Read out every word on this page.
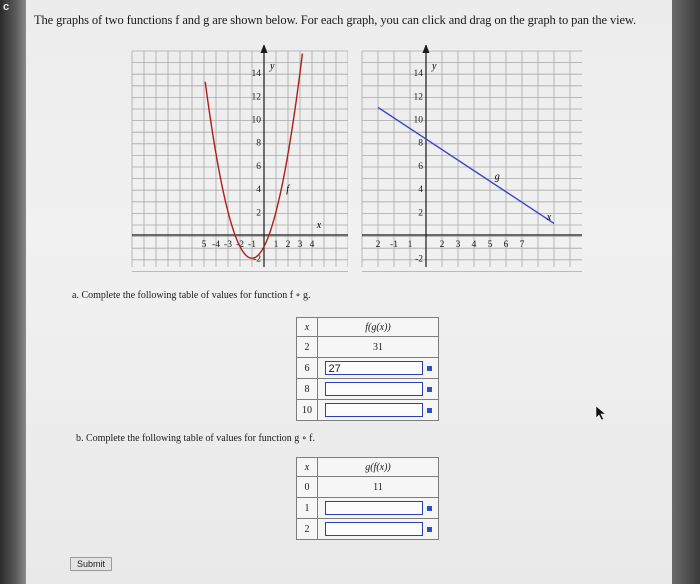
c
The graphs of two functions f and g are shown below. For each graph, you can click and drag on the graph to pan the view.
14
12
10
8
6
4
2
-2
5 -4 -3 -2 -1 1 2 3 4
f
y
x
14
12
10
8
6
4
2
-2
2 -1 1	2 3 4 5 6 7
g
y
x
a. Complete the following table of values for function f ∘ g.
x	f(g(x))
2	31
6	27
8	
10	
b. Complete the following table of values for function g ∘ f.
x	g(f(x))
0	11
1	
2	
Submit
